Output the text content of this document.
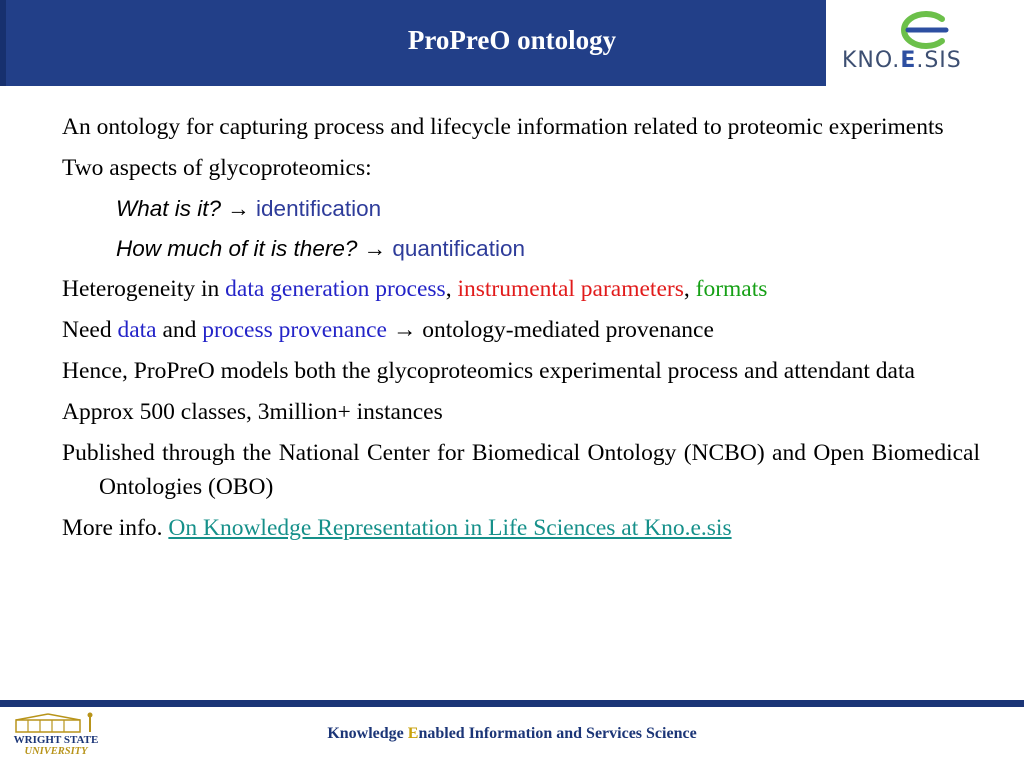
ProPreO ontology
KNO.E.SIS

An ontology for capturing process and lifecycle information related to proteomic experiments

Two aspects of glycoproteomics:

What is it? → identification

How much of it is there? → quantification

Heterogeneity in data generation process, instrumental parameters, formats

Need data and process provenance → ontology-mediated provenance

Hence, ProPreO models both the glycoproteomics experimental process and attendant data

Approx 500 classes, 3million+ instances

Published through the National Center for Biomedical Ontology (NCBO) and Open Biomedical Ontologies (OBO)

More info. On Knowledge Representation in Life Sciences at Kno.e.sis

WRIGHT STATE
UNIVERSITY
Knowledge Enabled Information and Services Science
